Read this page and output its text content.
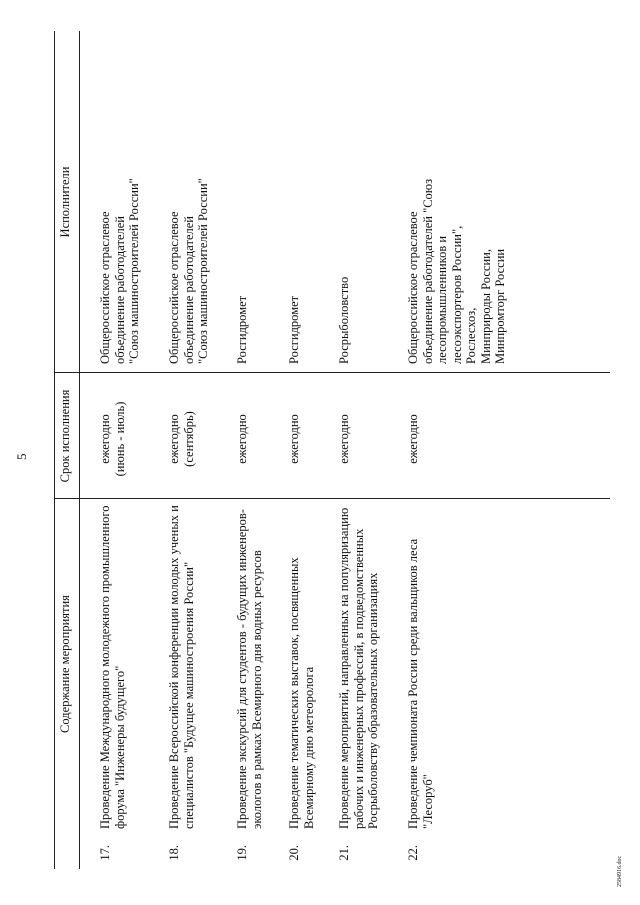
5
Содержание мероприятия
Срок исполнения
Исполнители
17.
Проведение Международного молодежного промышленного форума "Инженеры будущего"
ежегодно (июнь - июль)
Общероссийское отраслевое объединение работодателей "Союз машиностроителей России"
18.
Проведение Всероссийской конференции молодых ученых и специалистов "Будущее машиностроения России"
ежегодно (сентябрь)
Общероссийское отраслевое объединение работодателей "Союз машиностроителей России"
19.
Проведение экскурсий для студентов - будущих инженеров- экологов в рамках Всемирного дня водных ресурсов
ежегодно
Росгидромет
20.
Проведение тематических выставок, посвященных Всемирному дню метеоролога
ежегодно
Росгидромет
21.
Проведение мероприятий, направленных на популяризацию рабочих и инженерных профессий, в подведомственных Росрыболовству образовательных организациях
ежегодно
Росрыболовство
22.
Проведение чемпионата России среди вальщиков леса "Лесоруб"
ежегодно
Общероссийское отраслевое объединение работодателей "Союз лесопромышленников и лесоэкспортеров России", Рослесхоз, Минприроды России, Минпромторг России
2584916.doc
